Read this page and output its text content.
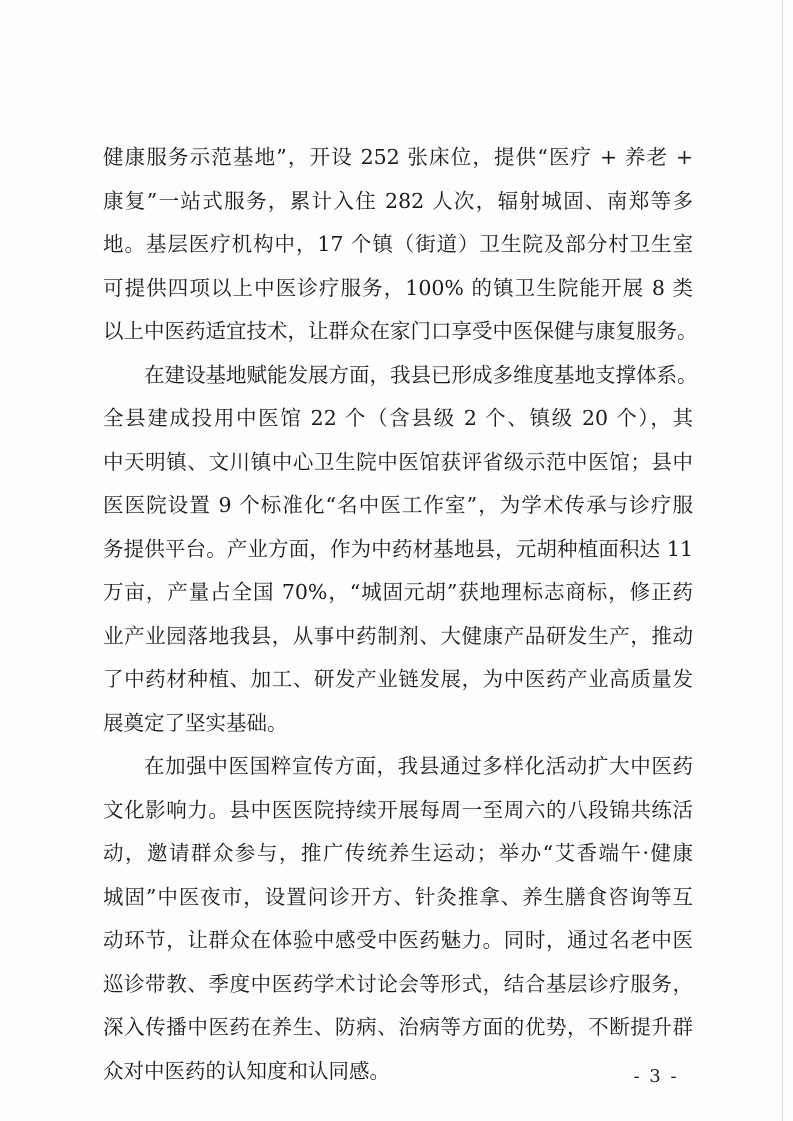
健康服务示范基地”，开设 252 张床位，提供“医疗 + 养老 +
康复”一站式服务，累计入住 282 人次，辐射城固、南郑等多
地。基层医疗机构中，17 个镇（街道）卫生院及部分村卫生室
可提供四项以上中医诊疗服务，100% 的镇卫生院能开展 8 类
以上中医药适宜技术，让群众在家门口享受中医保健与康复服务。
在建设基地赋能发展方面，我县已形成多维度基地支撑体系。
全县建成投用中医馆 22 个（含县级 2 个、镇级 20 个），其
中天明镇、文川镇中心卫生院中医馆获评省级示范中医馆；县中
医医院设置 9 个标准化“名中医工作室”，为学术传承与诊疗服
务提供平台。产业方面，作为中药材基地县，元胡种植面积达 11
万亩，产量占全国 70%，“城固元胡”获地理标志商标，修正药
业产业园落地我县，从事中药制剂、大健康产品研发生产，推动
了中药材种植、加工、研发产业链发展，为中医药产业高质量发
展奠定了坚实基础。
在加强中医国粹宣传方面，我县通过多样化活动扩大中医药
文化影响力。县中医医院持续开展每周一至周六的八段锦共练活
动，邀请群众参与，推广传统养生运动；举办“艾香端午·健康
城固”中医夜市，设置问诊开方、针灸推拿、养生膳食咨询等互
动环节，让群众在体验中感受中医药魅力。同时，通过名老中医
巡诊带教、季度中医药学术讨论会等形式，结合基层诊疗服务，
深入传播中医药在养生、防病、治病等方面的优势，不断提升群
众对中医药的认知度和认同感。	- 3 -
